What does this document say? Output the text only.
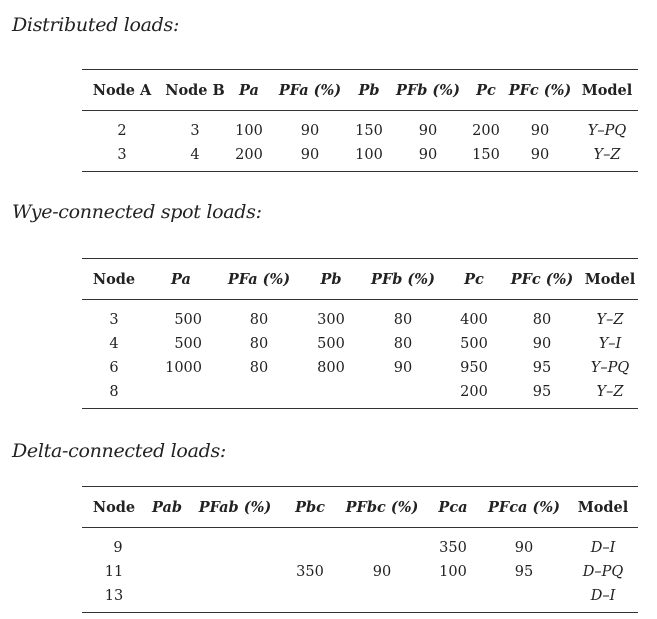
Distributed loads:
Node A	Node B	Pa	PFa (%)	Pb	PFb (%)	Pc	PFc (%)	Model
2	3	100	90	150	90	200	90	Y–PQ
3	4	200	90	100	90	150	90	Y–Z
Wye-connected spot loads:
Node	Pa	PFa (%)	Pb	PFb (%)	Pc	PFc (%)	Model
3	500	80	300	80	400	80	Y–Z
4	500	80	500	80	500	90	Y–I
6	1000	80	800	90	950	95	Y–PQ
8					200	95	Y–Z
Delta-connected loads:
Node	Pab	PFab (%)	Pbc	PFbc (%)	Pca	PFca (%)	Model
9					350	90	D–I
11			350	90	100	95	D–PQ
13							D–I
